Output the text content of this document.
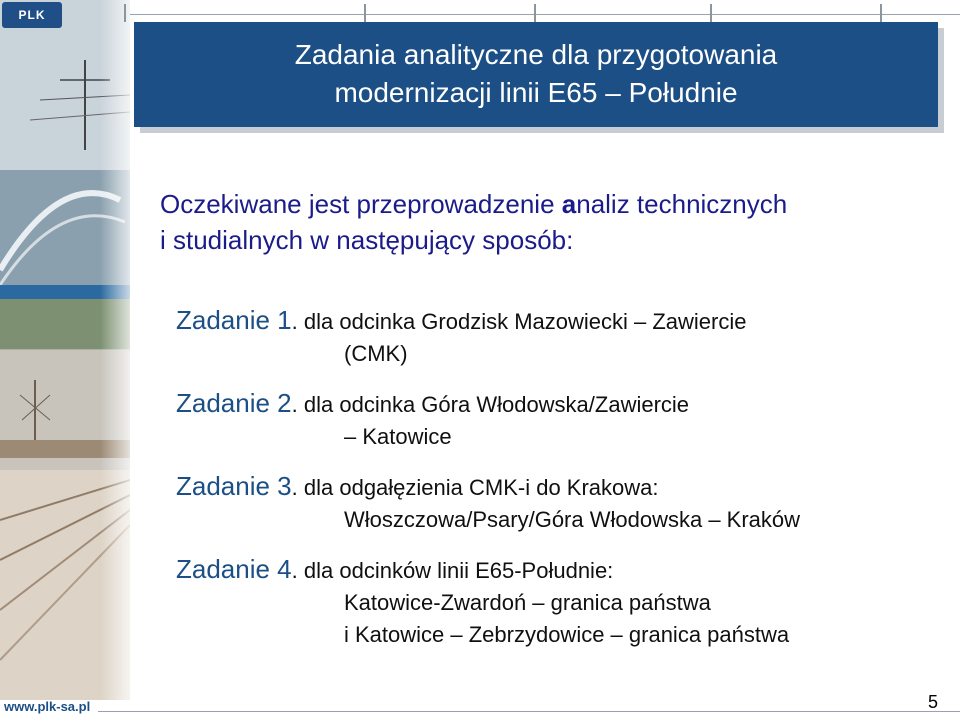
PLK
Zadania analityczne dla przygotowania
modernizacji linii E65 – Południe
Oczekiwane jest przeprowadzenie analiz technicznych
i studialnych w następujący sposób:
Zadanie 1. dla odcinka Grodzisk Mazowiecki – Zawiercie
(CMK)
Zadanie 2. dla odcinka Góra Włodowska/Zawiercie
– Katowice
Zadanie 3. dla odgałęzienia CMK-i do Krakowa:
Włoszczowa/Psary/Góra Włodowska – Kraków
Zadanie 4. dla odcinków linii E65-Południe:
Katowice-Zwardoń – granica państwa
i Katowice – Zebrzydowice – granica państwa
www.plk-sa.pl	5
